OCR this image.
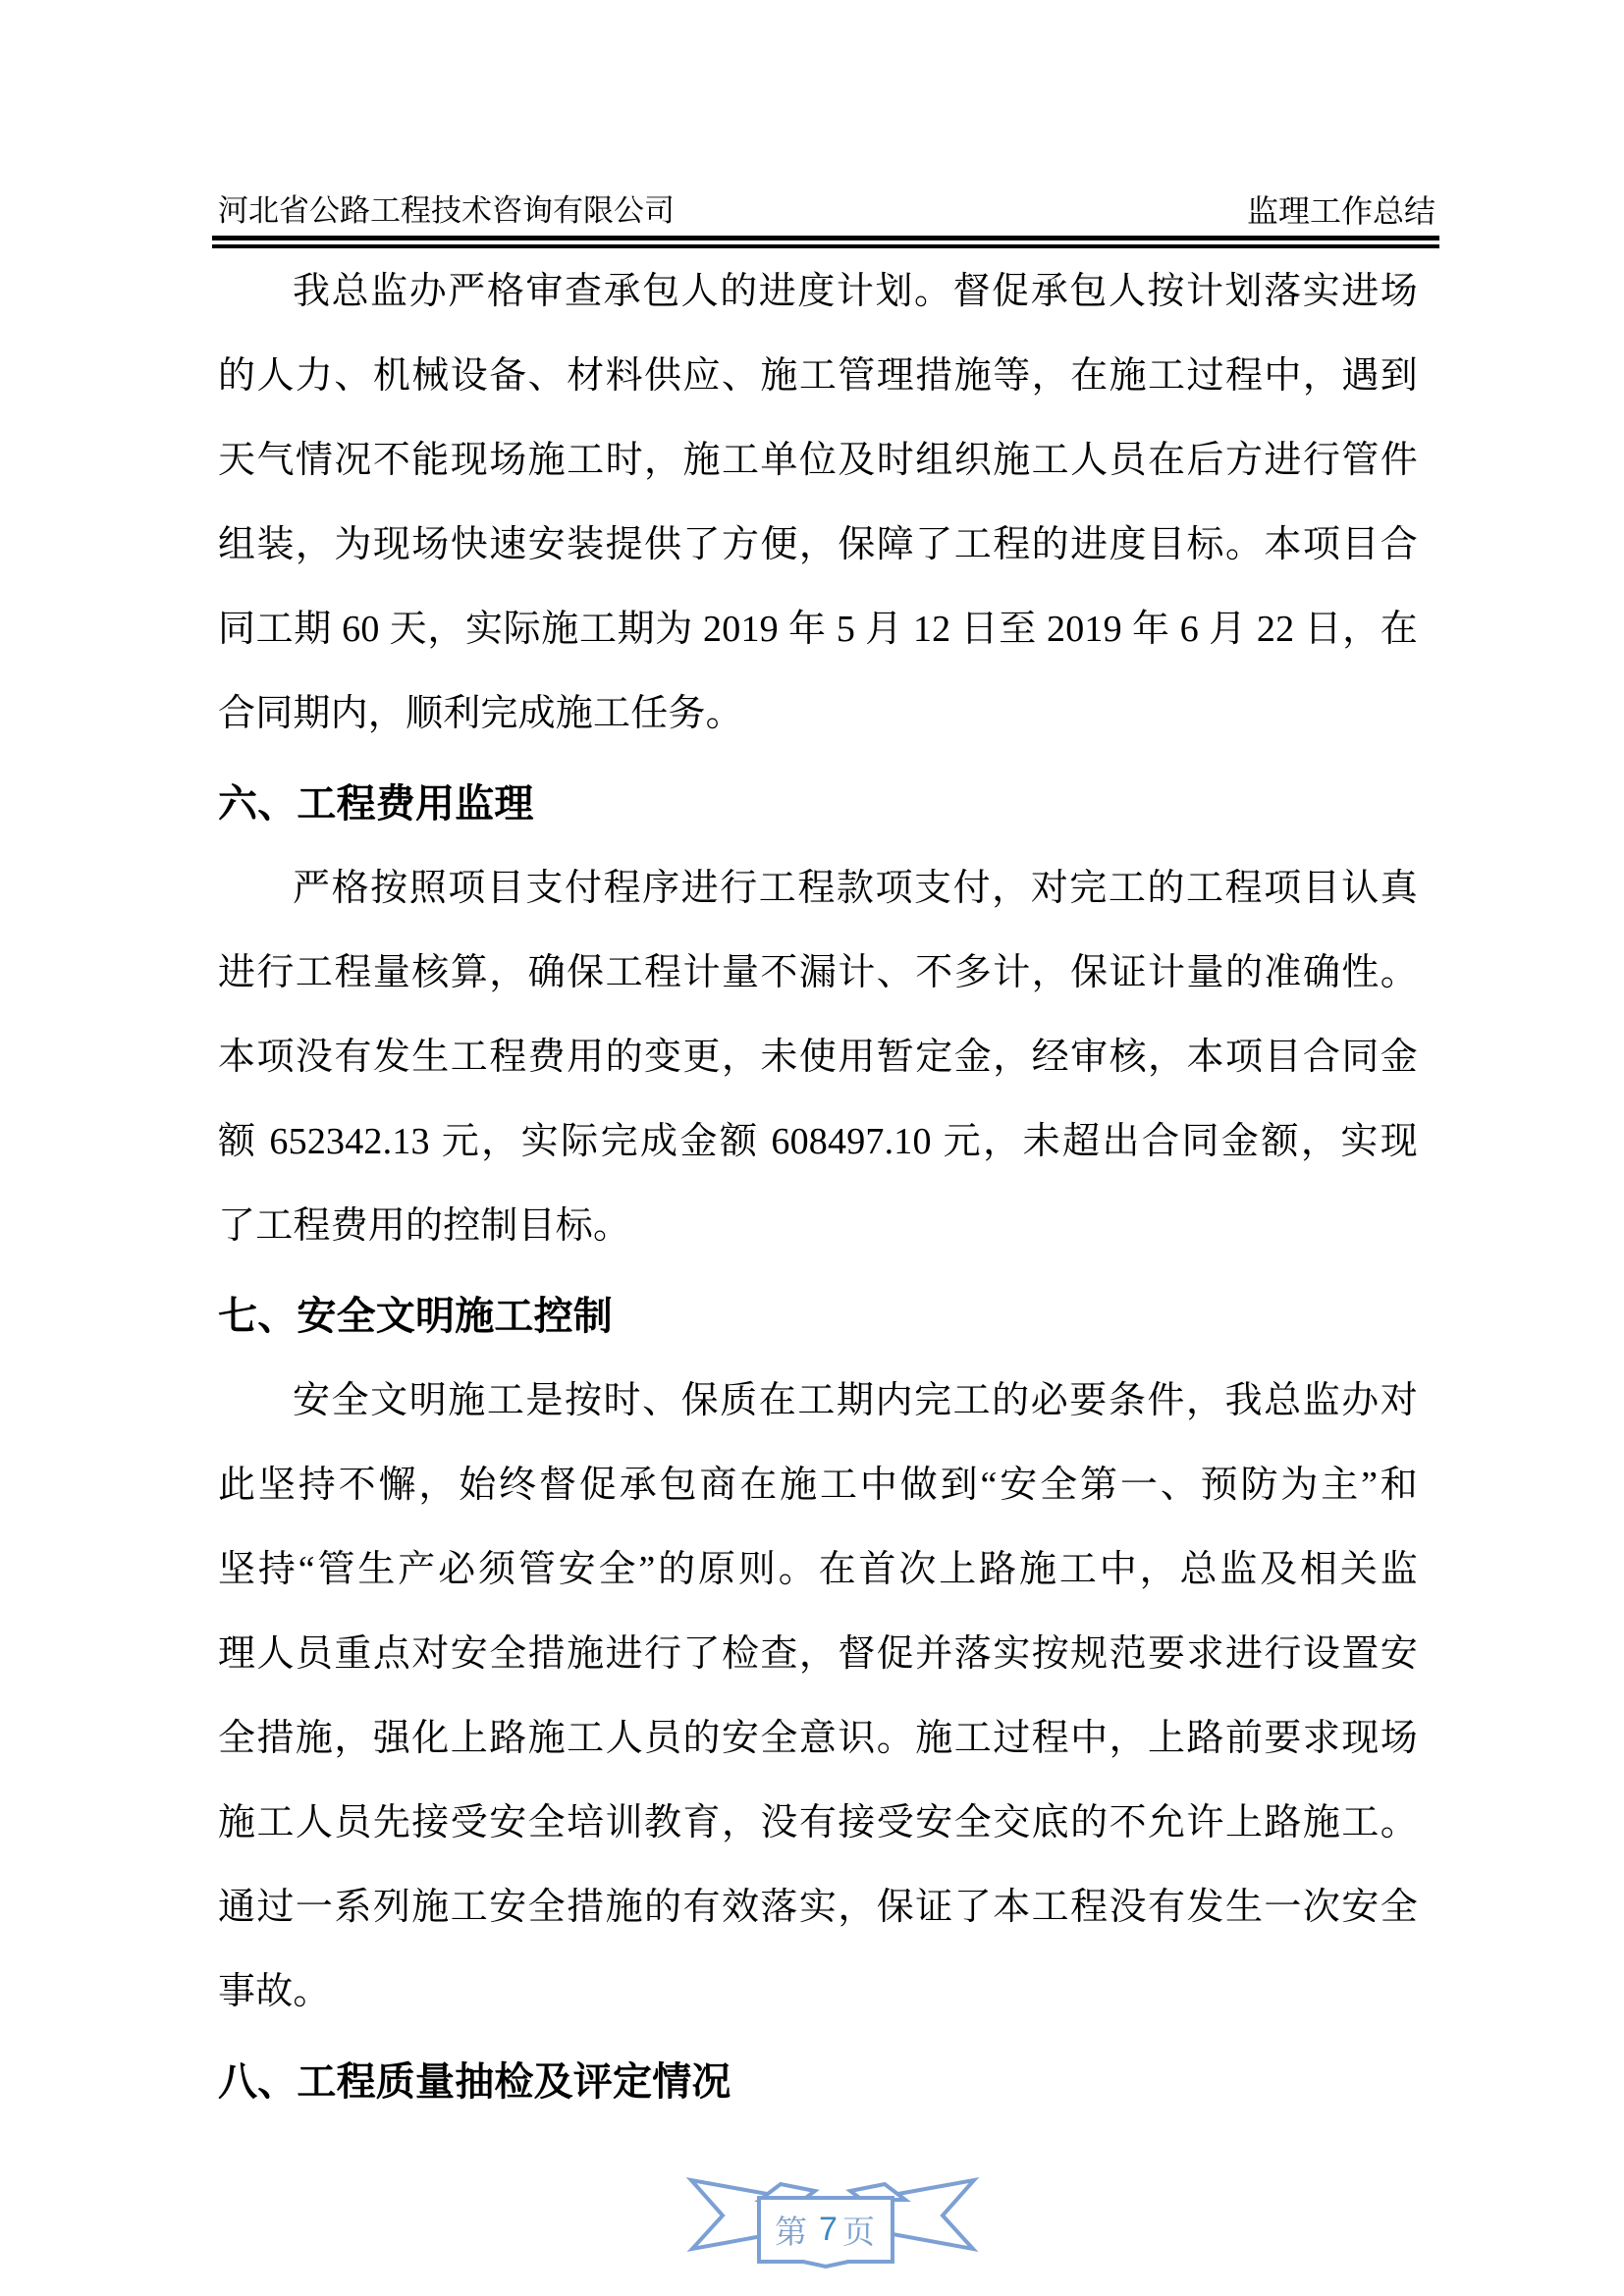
河北省公路工程技术咨询有限公司	监理工作总结
我总监办严格审查承包人的进度计划。督促承包人按计划落实进场
的人力、机械设备、材料供应、施工管理措施等，在施工过程中，遇到
天气情况不能现场施工时，施工单位及时组织施工人员在后方进行管件
组装，为现场快速安装提供了方便，保障了工程的进度目标。本项目合
同工期 60 天，实际施工期为 2019 年 5 月 12 日至 2019 年 6 月 22 日，在
合同期内，顺利完成施工任务。
六、工程费用监理
严格按照项目支付程序进行工程款项支付，对完工的工程项目认真
进行工程量核算，确保工程计量不漏计、不多计，保证计量的准确性。
本项没有发生工程费用的变更，未使用暂定金，经审核，本项目合同金
额 652342.13 元，实际完成金额 608497.10 元，未超出合同金额，实现
了工程费用的控制目标。
七、安全文明施工控制
安全文明施工是按时、保质在工期内完工的必要条件，我总监办对
此坚持不懈，始终督促承包商在施工中做到“安全第一、预防为主”和
坚持“管生产必须管安全”的原则。在首次上路施工中，总监及相关监
理人员重点对安全措施进行了检查，督促并落实按规范要求进行设置安
全措施，强化上路施工人员的安全意识。施工过程中，上路前要求现场
施工人员先接受安全培训教育，没有接受安全交底的不允许上路施工。
通过一系列施工安全措施的有效落实，保证了本工程没有发生一次安全
事故。
八、工程质量抽检及评定情况
第 7 页
